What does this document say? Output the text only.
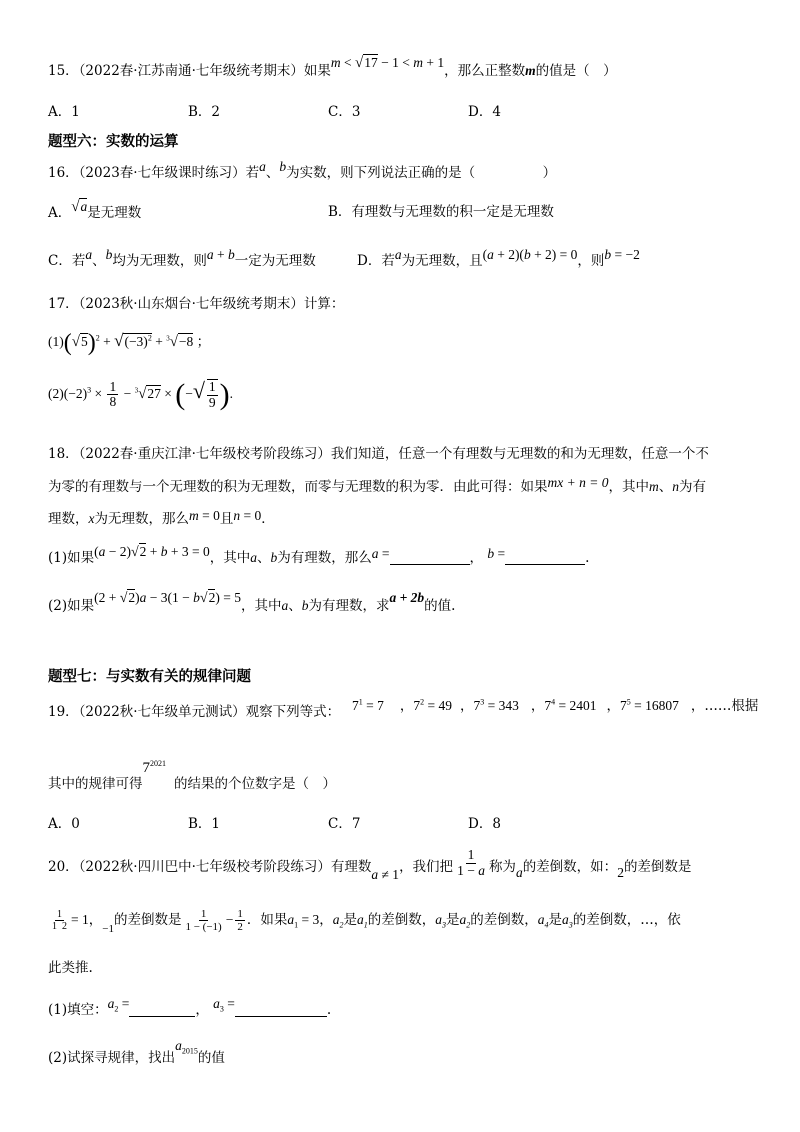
15．（2022春·江苏南通·七年级统考期末）如果m < √17 − 1 < m + 1，那么正整数m的值是（　）
A．1	B．2	C．3	D．4
题型六：实数的运算
16．（2023春·七年级课时练习）若a、b为实数，则下列说法正确的是（　　　　　）
A．√a是无理数	B．有理数与无理数的积一定是无理数
C．若a、b均为无理数，则a + b一定为无理数	D．若a为无理数，且(a + 2)(b + 2) = 0，则b = −2
17．（2023秋·山东烟台·七年级统考期末）计算：
$(1)(√5)^2 + √(-3)^2 + ^3√-8$ ；
$(2)(-2)^3 \times \frac{1}{8} - ^3√27$ × (−√ $\frac{1}{9}$ ).
18．（2022春·重庆江津·七年级校考阶段练习）我们知道，任意一个有理数与无理数的和为无理数，任意一个不
为零的有理数与一个无理数的积为无理数，而零与无理数的积为零．由此可得：如果mx + n = 0，其中m、n为有
理数，x为无理数，那么m = 0且n = 0．
(1)如果(a − 2)√2 + b + 3 = 0，其中a、b为有理数，那么a =	， b =	.
(2)如果(2 + √2)a − 3(1 − b√2) = 5，其中a、b为有理数，求a + 2b的值.
题型七：与实数有关的规律问题
19．（2022秋·七年级单元测试）观察下列等式： $7^1 = 7$ ，$7^2 = 49$ ，$7^3 = 343$ ，$7^4 = 2401$ ，$7^5 = 16807$ ，……根据
其中的规律可得$7^{2021}$的结果的个位数字是（　）
A．0	B．1	C．7	D．8
20．（2022秋·四川巴中·七年级校考阶段练习）有理数a ≠ 1，我们把 $\frac{1}{1 - a}$ 称为a的差倒数，如：2的差倒数是
$\frac{1}{1 2} = 1$，$_{-1}$的差倒数是 $\frac{1}{1 - (-1)} - \frac{1}{2}$ ．如果$a_1 = 3$，$a_2$是$a_1$的差倒数，$a_3$是$a_2$的差倒数，$a_4$是$a_3$的差倒数，…，依
此类推.
(1)填空：$a_2$ =	， $a_3$ =	.
(2)试探寻规律，找出$a_{2015}$的值
